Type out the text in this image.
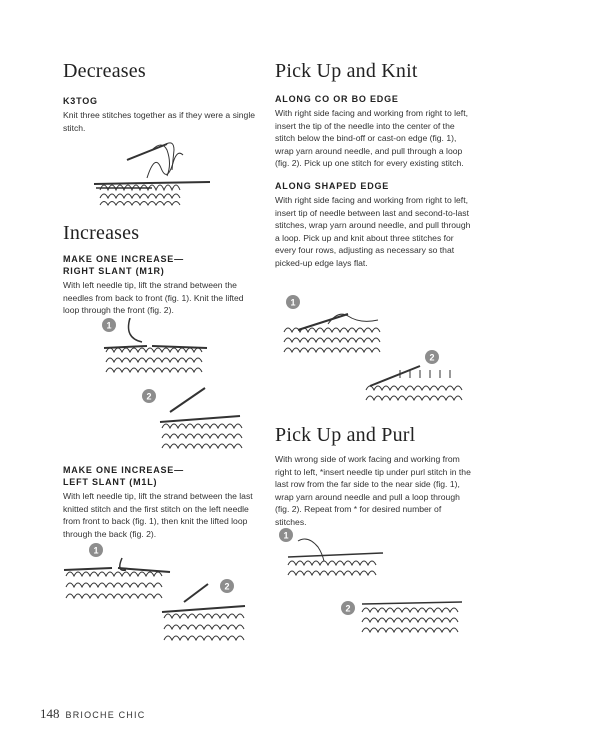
Decreases
K3TOG

Knit three stitches together as if they were a single stitch.

Increases
MAKE ONE INCREASE—
RIGHT SLANT (M1R)

With left needle tip, lift the strand between the needles from back to front (fig. 1). Knit the lifted loop through the front (fig. 2).

MAKE ONE INCREASE—
LEFT SLANT (M1L)

With left needle tip, lift the strand between the last knitted stitch and the first stitch on the left needle from front to back (fig. 1), then knit the lifted loop through the back (fig. 2).

Pick Up and Knit
ALONG CO OR BO EDGE

With right side facing and working from right to left, insert the tip of the needle into the center of the stitch below the bind-off or cast-on edge (fig. 1), wrap yarn around needle, and pull through a loop (fig. 2). Pick up one stitch for every existing stitch.

ALONG SHAPED EDGE

With right side facing and working from right to left, insert tip of needle between last and second-to-last stitches, wrap yarn around needle, and pull through a loop. Pick up and knit about three stitches for every four rows, adjusting as necessary so that picked-up edge lays flat.

Pick Up and Purl

With wrong side of work facing and working from right to left, *insert needle tip under purl stitch in the last row from the far side to the near side (fig. 1), wrap yarn around needle and pull a loop through (fig. 2). Repeat from * for desired number of stitches.

1
2
1
2
1
2
1
2
148 BRIOCHE CHIC
